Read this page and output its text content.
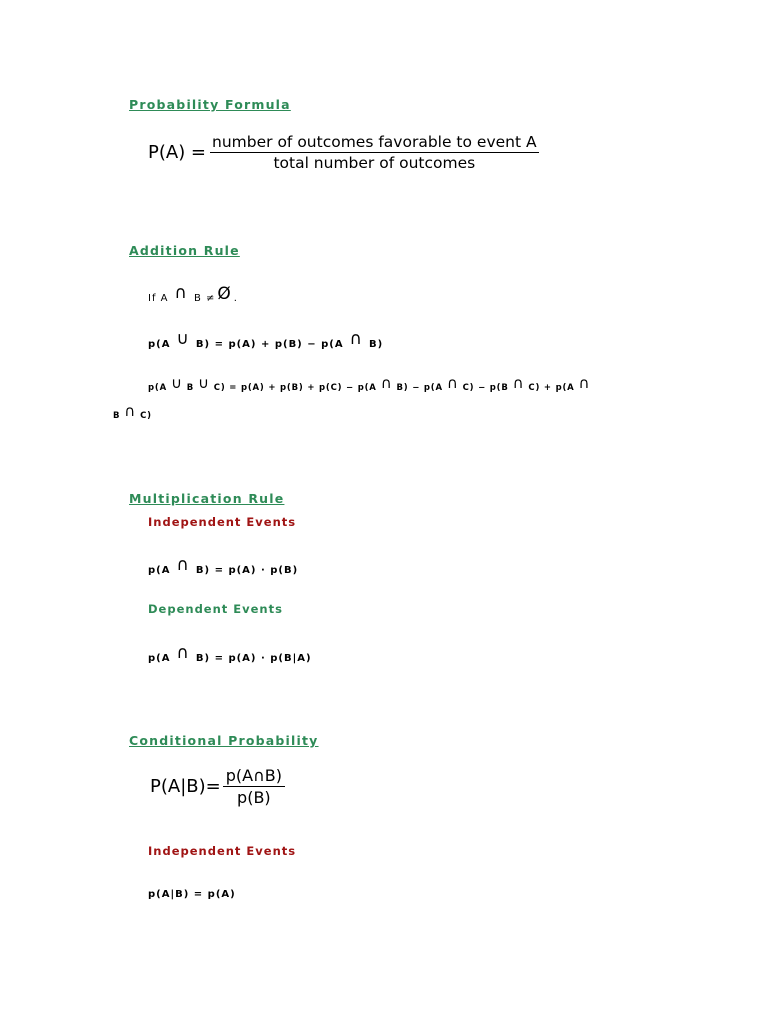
Probability Formula
$P(A) = \frac{\text{number of outcomes favorable to event A}}{\text{total number of outcomes}}$
Addition Rule
If A ∩ B ≠ Ø .
p(A ∪ B) = p(A) + p(B) − p(A ∩ B)
p(A ∪ B ∪ C) = p(A) + p(B) + p(C) − p(A ∩ B) − p(A ∩ C) − p(B ∩ C) + p(A ∩
B ∩ C)
Multiplication Rule
Independent Events
p(A ∩ B) = p(A) · p(B)
Dependent Events
p(A ∩ B) = p(A) · p(B|A)
Conditional Probability
$P(A|B)= \frac{p(A\cap B)}{p(B)}$
Independent Events
p(A|B) = p(A)
